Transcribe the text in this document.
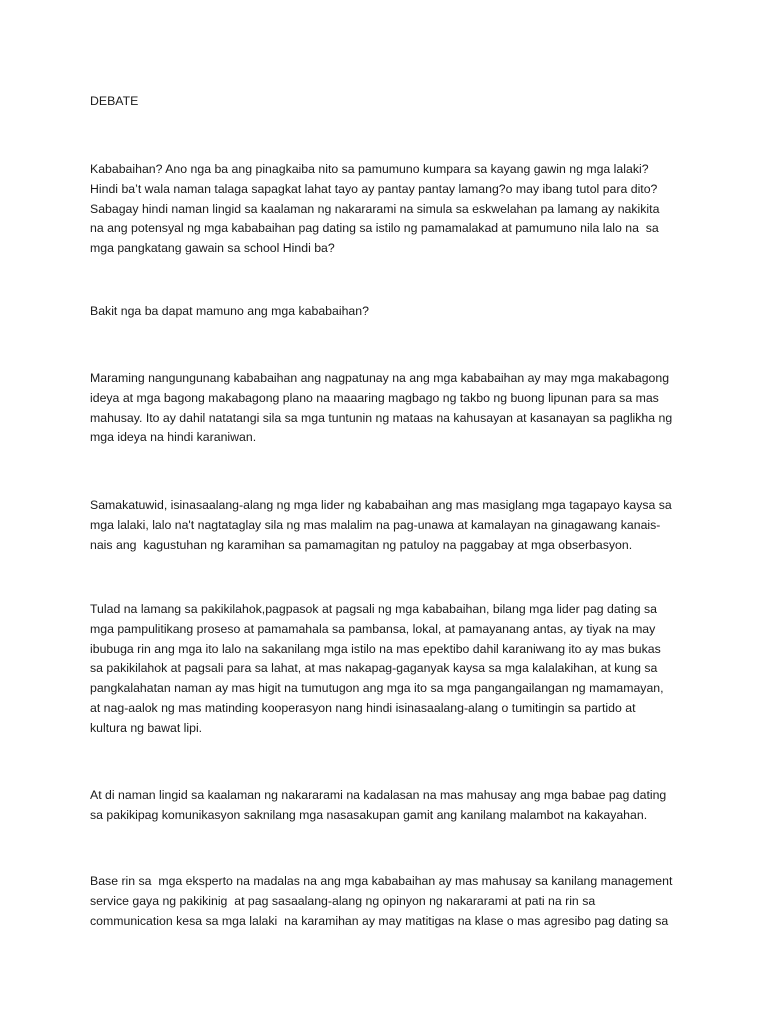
DEBATE
Kababaihan? Ano nga ba ang pinagkaiba nito sa pamumuno kumpara sa kayang gawin ng mga lalaki?
Hindi ba’t wala naman talaga sapagkat lahat tayo ay pantay pantay lamang?o may ibang tutol para dito?
Sabagay hindi naman lingid sa kaalaman ng nakararami na simula sa eskwelahan pa lamang ay nakikita
na ang potensyal ng mga kababaihan pag dating sa istilo ng pamamalakad at pamumuno nila lalo na  sa
mga pangkatang gawain sa school Hindi ba?
Bakit nga ba dapat mamuno ang mga kababaihan?
Maraming nangungunang kababaihan ang nagpatunay na ang mga kababaihan ay may mga makabagong
ideya at mga bagong makabagong plano na maaaring magbago ng takbo ng buong lipunan para sa mas
mahusay. Ito ay dahil natatangi sila sa mga tuntunin ng mataas na kahusayan at kasanayan sa paglikha ng
mga ideya na hindi karaniwan.
Samakatuwid, isinasaalang-alang ng mga lider ng kababaihan ang mas masiglang mga tagapayo kaysa sa
mga lalaki, lalo na't nagtataglay sila ng mas malalim na pag-unawa at kamalayan na ginagawang kanais-
nais ang  kagustuhan ng karamihan sa pamamagitan ng patuloy na paggabay at mga obserbasyon.
Tulad na lamang sa pakikilahok,pagpasok at pagsali ng mga kababaihan, bilang mga lider pag dating sa
mga pampulitikang proseso at pamamahala sa pambansa, lokal, at pamayanang antas, ay tiyak na may
ibubuga rin ang mga ito lalo na sakanilang mga istilo na mas epektibo dahil karaniwang ito ay mas bukas
sa pakikilahok at pagsali para sa lahat, at mas nakapag-gaganyak kaysa sa mga kalalakihan, at kung sa
pangkalahatan naman ay mas higit na tumutugon ang mga ito sa mga pangangailangan ng mamamayan,
at nag-aalok ng mas matinding kooperasyon nang hindi isinasaalang-alang o tumitingin sa partido at
kultura ng bawat lipi.
At di naman lingid sa kaalaman ng nakararami na kadalasan na mas mahusay ang mga babae pag dating
sa pakikipag komunikasyon saknilang mga nasasakupan gamit ang kanilang malambot na kakayahan.
Base rin sa  mga eksperto na madalas na ang mga kababaihan ay mas mahusay sa kanilang management
service gaya ng pakikinig  at pag sasaalang-alang ng opinyon ng nakararami at pati na rin sa
communication kesa sa mga lalaki  na karamihan ay may matitigas na klase o mas agresibo pag dating sa
